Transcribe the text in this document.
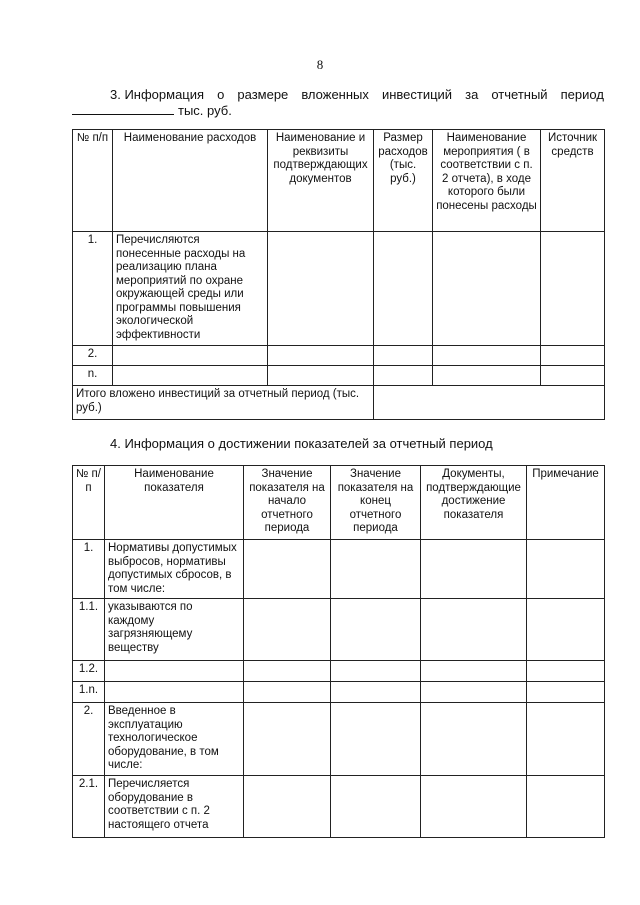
8
3. Информация о размере вложенных инвестиций за отчетный период
тыс. руб.
№ п/п	Наименование расходов	Наименование и реквизиты подтверждающих документов	Размер расходов (тыс. руб.)	Наименование мероприятия ( в соответствии с п. 2 отчета), в ходе которого были понесены расходы	Источник средств
1.	Перечисляются понесенные расходы на реализацию плана мероприятий по охране окружающей среды или программы повышения экологической эффективности				
2.					
n.					
Итого вложено инвестиций за отчетный период (тыс. руб.)					
4. Информация о достижении показателей за отчетный период
№ п/п	Наименование показателя	Значение показателя на начало отчетного периода	Значение показателя на конец отчетного периода	Документы, подтверждающие достижение показателя	Примечание
1.	Нормативы допустимых выбросов, нормативы допустимых сбросов, в том числе:				
1.1.	указываются по каждому загрязняющему веществу				
1.2.					
1.n.					
2.	Введенное в эксплуатацию технологическое оборудование, в том числе:				
2.1.	Перечисляется оборудование в соответствии с п. 2 настоящего отчета				
